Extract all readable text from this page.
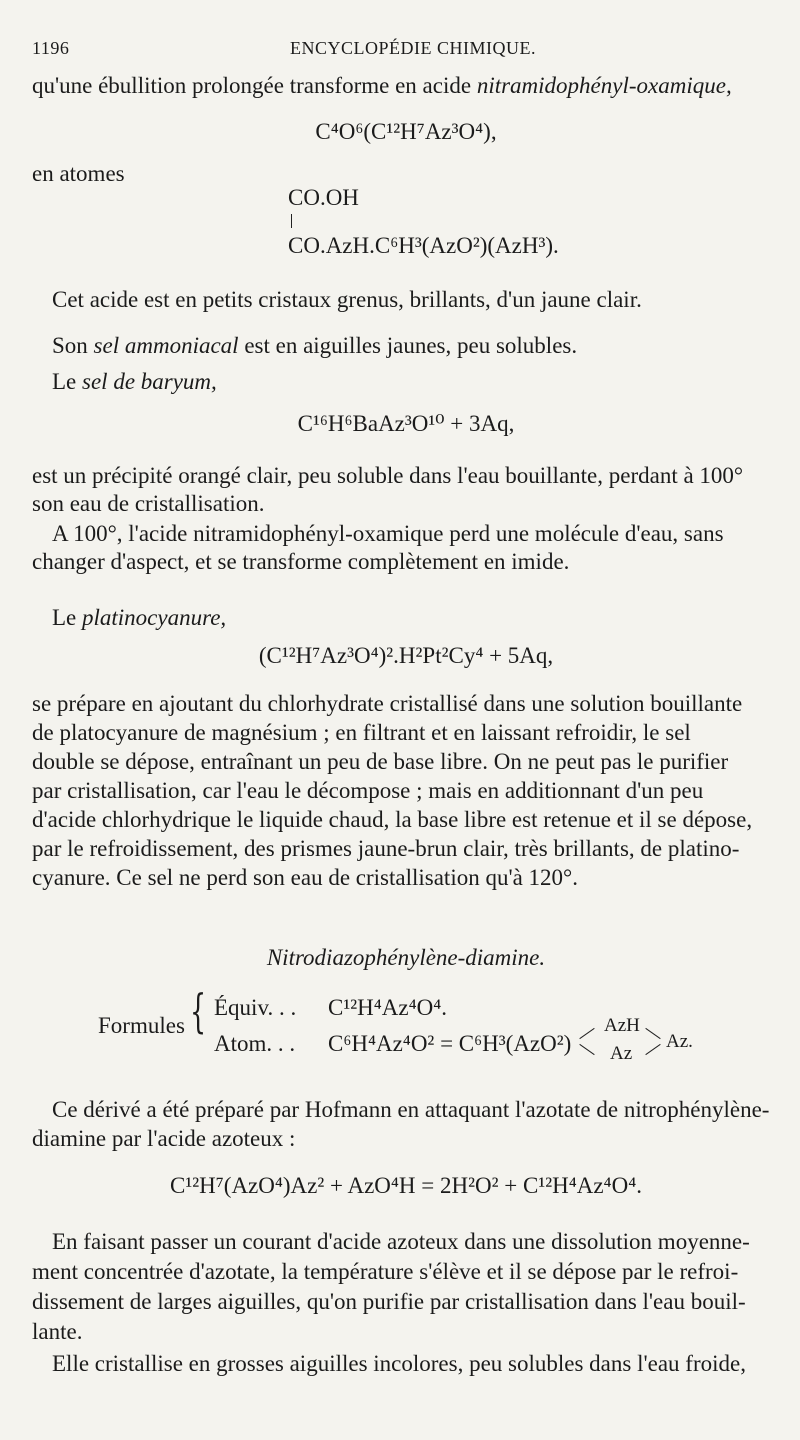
1196	ENCYCLOPÉDIE CHIMIQUE.
qu'une ébullition prolongée transforme en acide nitramidophényl-oxamique,
C⁴O⁶(C¹²H⁷Az³O⁴),
en atomes
CO.OH
CO.AzH.C⁶H³(AzO²)(AzH³).
Cet acide est en petits cristaux grenus, brillants, d'un jaune clair.
Son sel ammoniacal est en aiguilles jaunes, peu solubles.
Le sel de baryum,
C¹⁶H⁶BaAz³O¹⁰ + 3Aq,
est un précipité orangé clair, peu soluble dans l'eau bouillante, perdant à 100°
son eau de cristallisation.
A 100°, l'acide nitramidophényl-oxamique perd une molécule d'eau, sans
changer d'aspect, et se transforme complètement en imide.
Le platinocyanure,
(C¹²H⁷Az³O⁴)².H²Pt²Cy⁴ + 5Aq,
se prépare en ajoutant du chlorhydrate cristallisé dans une solution bouillante
de platocyanure de magnésium ; en filtrant et en laissant refroidir, le sel
double se dépose, entraînant un peu de base libre. On ne peut pas le purifier
par cristallisation, car l'eau le décompose ; mais en additionnant d'un peu
d'acide chlorhydrique le liquide chaud, la base libre est retenue et il se dépose,
par le refroidissement, des prismes jaune-brun clair, très brillants, de platino-
cyanure. Ce sel ne perd son eau de cristallisation qu'à 120°.
Nitrodiazophénylène-diamine.
Formules { Équiv. . . C¹²H⁴Az⁴O⁴.
Atom. . . C⁶H⁴Az⁴O² = C⁶H³(AzO²)
AzH
Az
Az.
Ce dérivé a été préparé par Hofmann en attaquant l'azotate de nitrophénylène-
diamine par l'acide azoteux :
C¹²H⁷(AzO⁴)Az² + AzO⁴H = 2H²O² + C¹²H⁴Az⁴O⁴.
En faisant passer un courant d'acide azoteux dans une dissolution moyenne-
ment concentrée d'azotate, la température s'élève et il se dépose par le refroi-
dissement de larges aiguilles, qu'on purifie par cristallisation dans l'eau bouil-
lante.
Elle cristallise en grosses aiguilles incolores, peu solubles dans l'eau froide,
